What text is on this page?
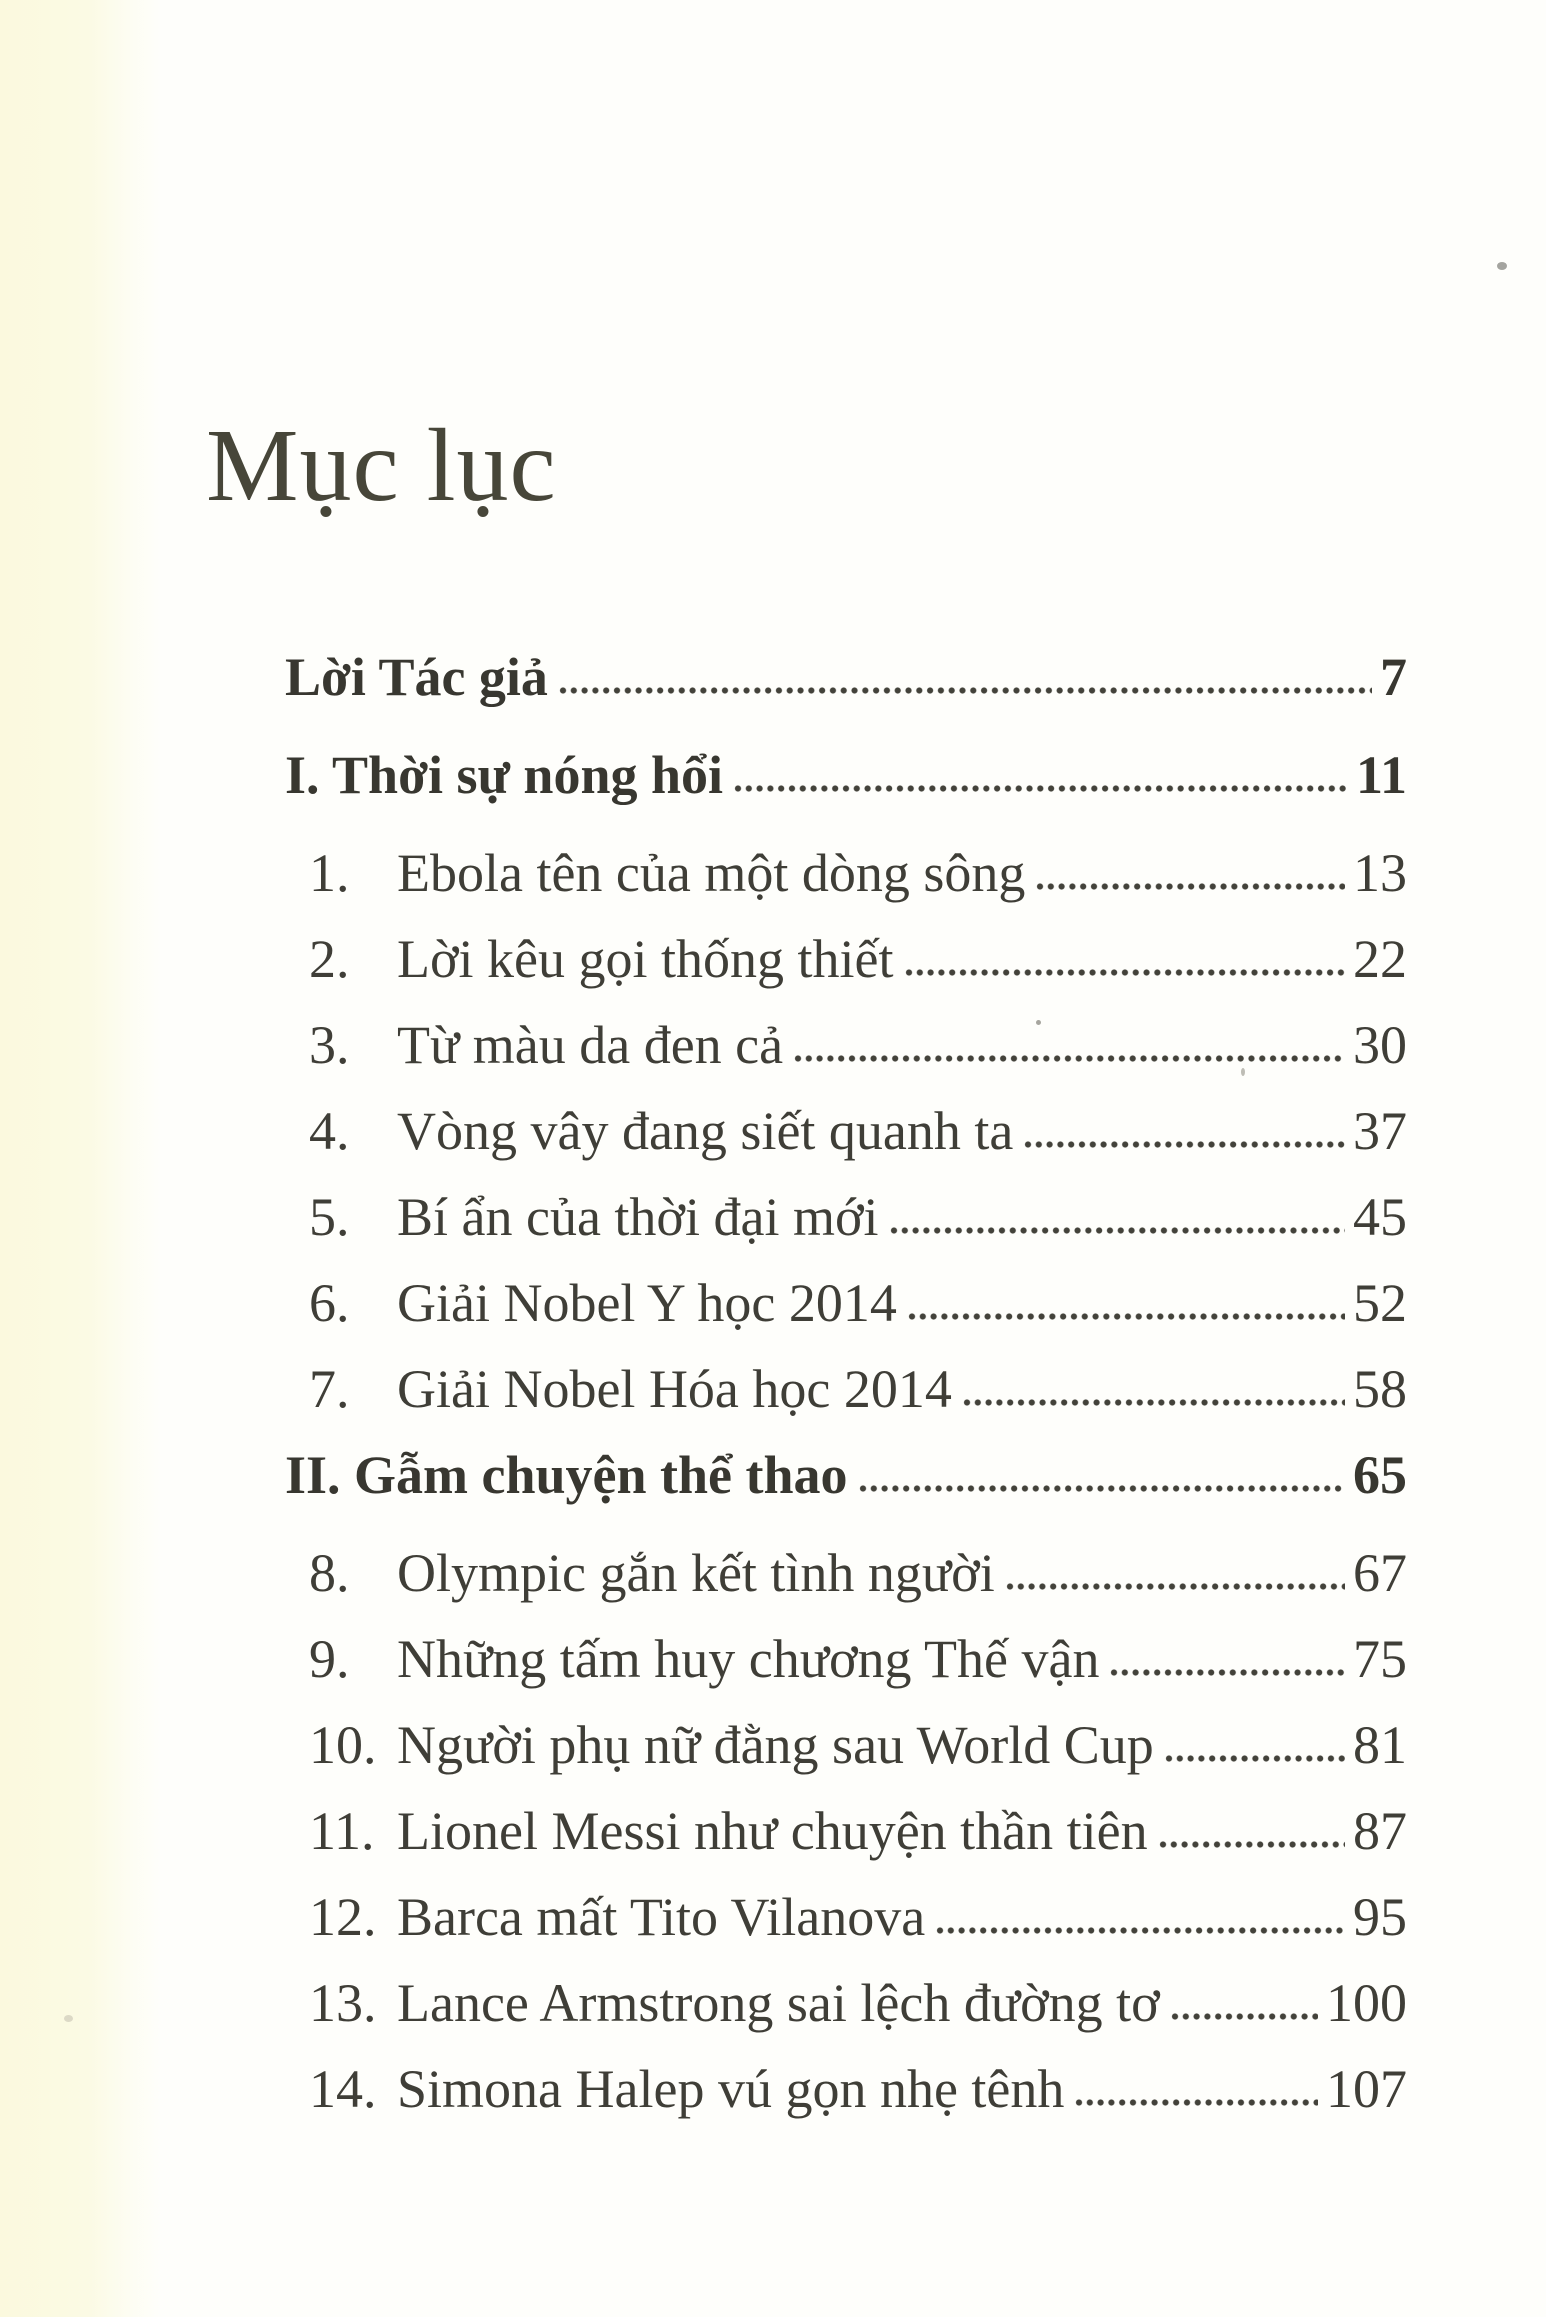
Mục lục
Lời Tác giả	7
I. Thời sự nóng hổi	11
1. Ebola tên của một dòng sông	13
2. Lời kêu gọi thống thiết	22
3. Từ màu da đen cả	30
4. Vòng vây đang siết quanh ta	37
5. Bí ẩn của thời đại mới	45
6. Giải Nobel Y học 2014	52
7. Giải Nobel Hóa học 2014	58
II. Gẫm chuyện thể thao	65
8. Olympic gắn kết tình người	67
9. Những tấm huy chương Thế vận	75
10. Người phụ nữ đằng sau World Cup	81
11. Lionel Messi như chuyện thần tiên	87
12. Barca mất Tito Vilanova	95
13. Lance Armstrong sai lệch đường tơ	100
14. Simona Halep vú gọn nhẹ tênh	107
